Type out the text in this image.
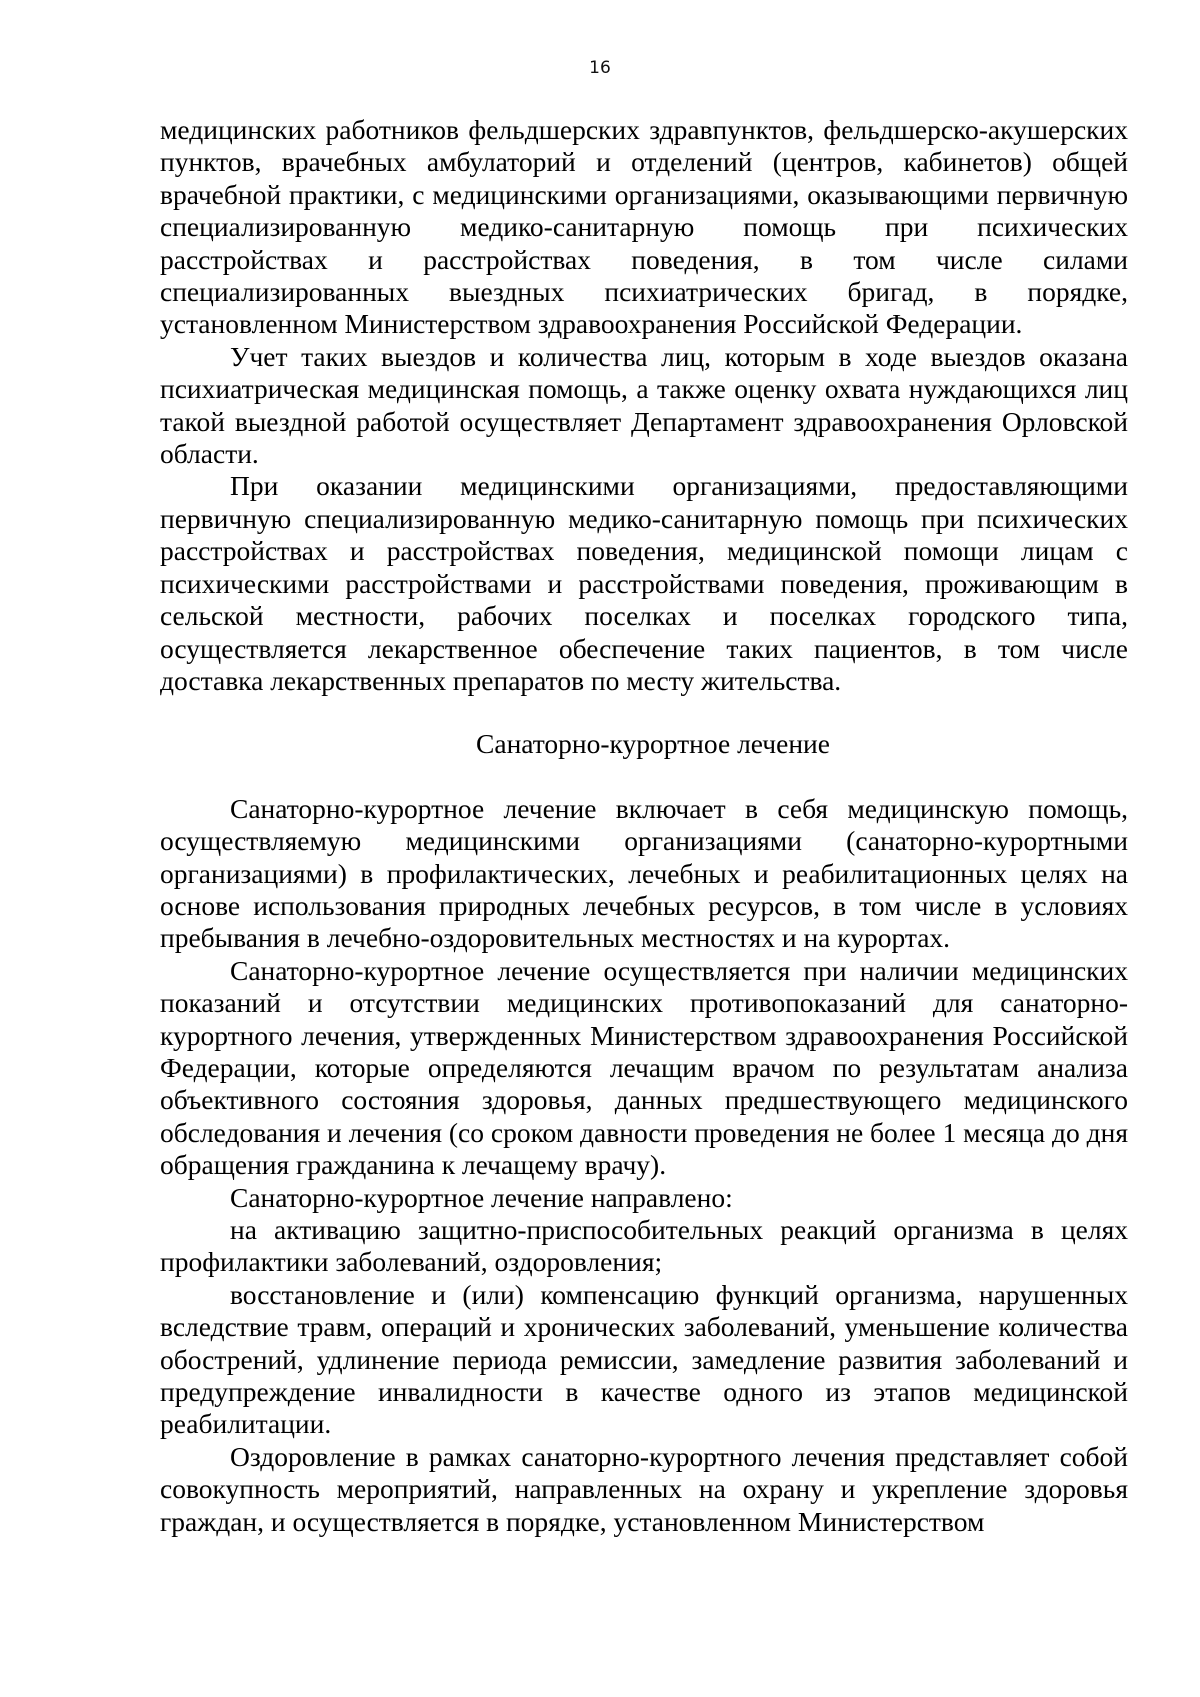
16

медицинских работников фельдшерских здравпунктов, фельдшерско-акушерских пунктов, врачебных амбулаторий и отделений (центров, кабинетов) общей врачебной практики, с медицинскими организациями, оказывающими первичную специализированную медико-санитарную помощь при психических расстройствах и расстройствах поведения, в том числе силами специализированных выездных психиатрических бригад, в порядке, установленном Министерством здравоохранения Российской Федерации.

Учет таких выездов и количества лиц, которым в ходе выездов оказана психиатрическая медицинская помощь, а также оценку охвата нуждающихся лиц такой выездной работой осуществляет Департамент здравоохранения Орловской области.

При оказании медицинскими организациями, предоставляющими первичную специализированную медико-санитарную помощь при психических расстройствах и расстройствах поведения, медицинской помощи лицам с психическими расстройствами и расстройствами поведения, проживающим в сельской местности, рабочих поселках и поселках городского типа, осуществляется лекарственное обеспечение таких пациентов, в том числе доставка лекарственных препаратов по месту жительства.

Санаторно-курортное лечение

Санаторно-курортное лечение включает в себя медицинскую помощь, осуществляемую медицинскими организациями (санаторно-курортными организациями) в профилактических, лечебных и реабилитационных целях на основе использования природных лечебных ресурсов, в том числе в условиях пребывания в лечебно-оздоровительных местностях и на курортах.

Санаторно-курортное лечение осуществляется при наличии медицинских показаний и отсутствии медицинских противопоказаний для санаторно-курортного лечения, утвержденных Министерством здравоохранения Российской Федерации, которые определяются лечащим врачом по результатам анализа объективного состояния здоровья, данных предшествующего медицинского обследования и лечения (со сроком давности проведения не более 1 месяца до дня обращения гражданина к лечащему врачу).

Санаторно-курортное лечение направлено:

на активацию защитно-приспособительных реакций организма в целях профилактики заболеваний, оздоровления;

восстановление и (или) компенсацию функций организма, нарушенных вследствие травм, операций и хронических заболеваний, уменьшение количества обострений, удлинение периода ремиссии, замедление развития заболеваний и предупреждение инвалидности в качестве одного из этапов медицинской реабилитации.

Оздоровление в рамках санаторно-курортного лечения представляет собой совокупность мероприятий, направленных на охрану и укрепление здоровья граждан, и осуществляется в порядке, установленном Министерством
